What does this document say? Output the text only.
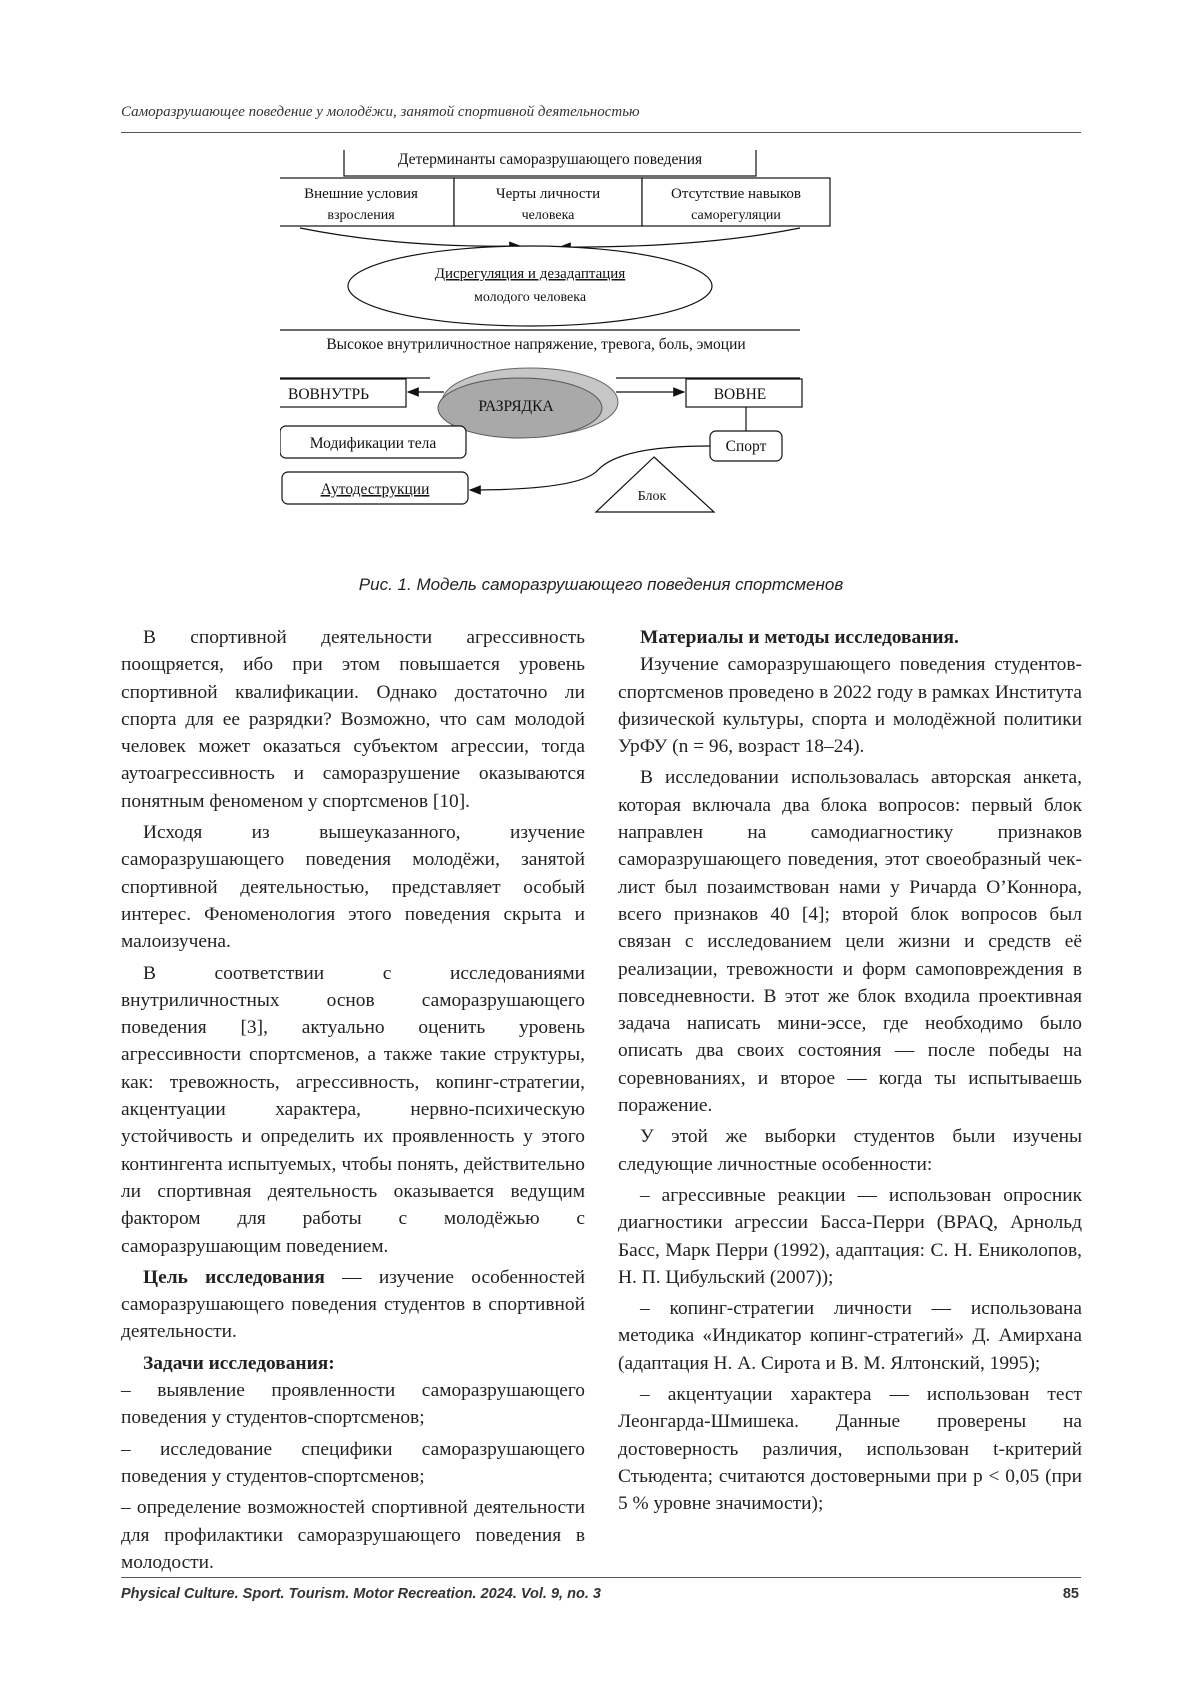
Саморазрушающее поведение у молодёжи, занятой спортивной деятельностью
Детерминанты саморазрушающего поведения
Внешние условия
взросления
Черты личности
человека
Отсутствие навыков
саморегуляции
Дисрегуляция и дезадаптация
молодого человека
Высокое внутриличностное напряжение, тревога, боль, эмоции
ВОВНУТРЬ	ВОВНЕ
РАЗРЯДКА
Модификации тела
Аутодеструкции
Спорт
Блок
Рис. 1. Модель саморазрушающего поведения спортсменов

В спортивной деятельности агрессивность поощряется, ибо при этом повышается уровень спортивной квалификации. Однако достаточно ли спорта для ее разрядки? Возможно, что сам молодой человек может оказаться субъектом агрессии, тогда аутоагрессивность и саморазрушение оказываются понятным феноменом у спортсменов [10].

Исходя из вышеуказанного, изучение саморазрушающего поведения молодёжи, занятой спортивной деятельностью, представляет особый интерес. Феноменология этого поведения скрыта и малоизучена.

В соответствии с исследованиями внутриличностных основ саморазрушающего поведения [3], актуально оценить уровень агрессивности спортсменов, а также такие структуры, как: тревожность, агрессивность, копинг-стратегии, акцентуации характера, нервно-психическую устойчивость и определить их проявленность у этого контингента испытуемых, чтобы понять, действительно ли спортивная деятельность оказывается ведущим фактором для работы с молодёжью с саморазрушающим поведением.

Цель исследования — изучение особенностей саморазрушающего поведения студентов в спортивной деятельности.

Задачи исследования:

– выявление проявленности саморазрушающего поведения у студентов-спортсменов;

– исследование специфики саморазрушающего поведения у студентов-спортсменов;

– определение возможностей спортивной деятельности для профилактики саморазрушающего поведения в молодости.

Материалы и методы исследования.

Изучение саморазрушающего поведения студентов-спортсменов проведено в 2022 году в рамках Института физической культуры, спорта и молодёжной политики УрФУ (n = 96, возраст 18–24).

В исследовании использовалась авторская анкета, которая включала два блока вопросов: первый блок направлен на самодиагностику признаков саморазрушающего поведения, этот своеобразный чек-лист был позаимствован нами у Ричарда О’Коннора, всего признаков 40 [4]; второй блок вопросов был связан с исследованием цели жизни и средств её реализации, тревожности и форм самоповреждения в повседневности. В этот же блок входила проективная задача написать мини-эссе, где необходимо было описать два своих состояния — после победы на соревнованиях, и второе — когда ты испытываешь поражение.

У этой же выборки студентов были изучены следующие личностные особенности:

– агрессивные реакции — использован опросник диагностики агрессии Басса-Перри (BPAQ, Арнольд Басс, Марк Перри (1992), адаптация: С. Н. Ениколопов, Н. П. Цибульский (2007));

– копинг-стратегии личности — использована методика «Индикатор копинг-стратегий» Д. Амирхана (адаптация Н. А. Сирота и В. М. Ялтонский, 1995);

– акцентуации характера — использован тест Леонгарда-Шмишека. Данные проверены на достоверность различия, использован t-критерий Стьюдента; считаются достоверными при p < 0,05 (при 5 % уровне значимости);

Physical Culture. Sport. Tourism. Motor Recreation. 2024. Vol. 9, no. 3	85
